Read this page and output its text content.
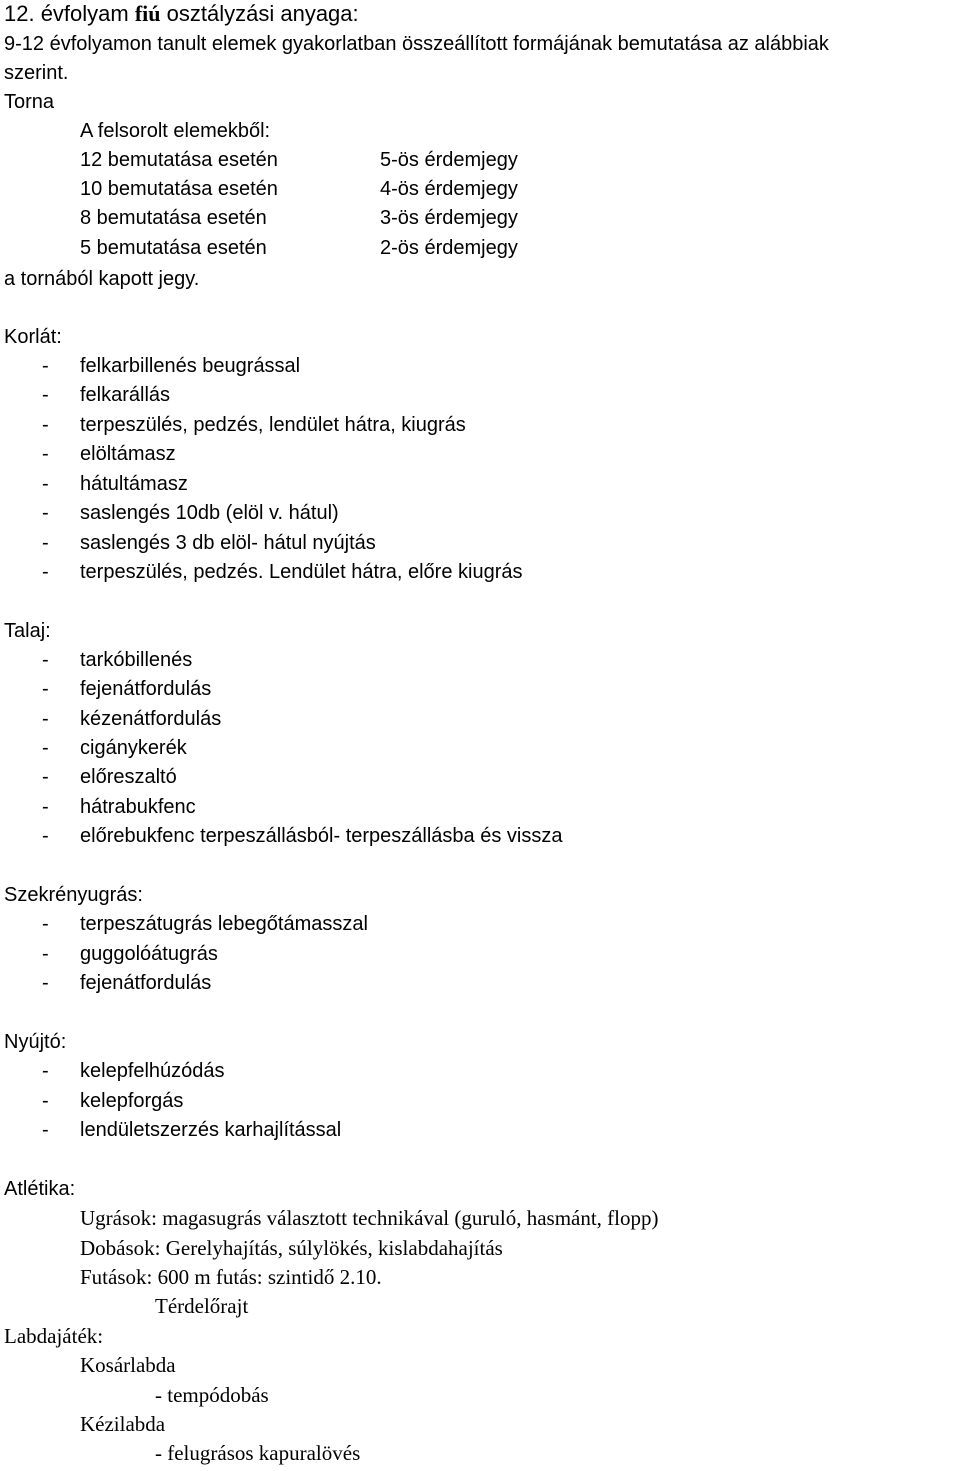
12. évfolyam fiú osztályzási anyaga:
9-12 évfolyamon tanult elemek gyakorlatban összeállított formájának bemutatása az alábbiak
szerint.
Torna
A felsorolt elemekből:
12 bemutatása esetén	5-ös érdemjegy
10 bemutatása esetén	4-ös érdemjegy
8 bemutatása esetén	3-ös érdemjegy
5 bemutatása esetén	2-ös érdemjegy
a tornából kapott jegy.
Korlát:
- felkarbillenés beugrással
- felkarállás
- terpeszülés, pedzés, lendület hátra, kiugrás
- elöltámasz
- hátultámasz
- saslengés 10db (elöl v. hátul)
- saslengés 3 db elöl- hátul nyújtás
- terpeszülés, pedzés. Lendület hátra, előre kiugrás
Talaj:
- tarkóbillenés
- fejenátfordulás
- kézenátfordulás
- cigánykerék
- előreszaltó
- hátrabukfenc
- előrebukfenc terpeszállásból- terpeszállásba és vissza
Szekrényugrás:
- terpeszátugrás lebegőtámasszal
- guggolóátugrás
- fejenátfordulás
Nyújtó:
- kelepfelhúzódás
- kelepforgás
- lendületszerzés karhajlítással
Atlétika:
Ugrások: magasugrás választott technikával (guruló, hasmánt, flopp)
Dobások: Gerelyhajítás, súlylökés, kislabdahajítás
Futások: 600 m futás: szintidő 2.10.
Térdelőrajt
Labdajáték:
Kosárlabda
- tempódobás
Kézilabda
- felugrásos kapuralövés
